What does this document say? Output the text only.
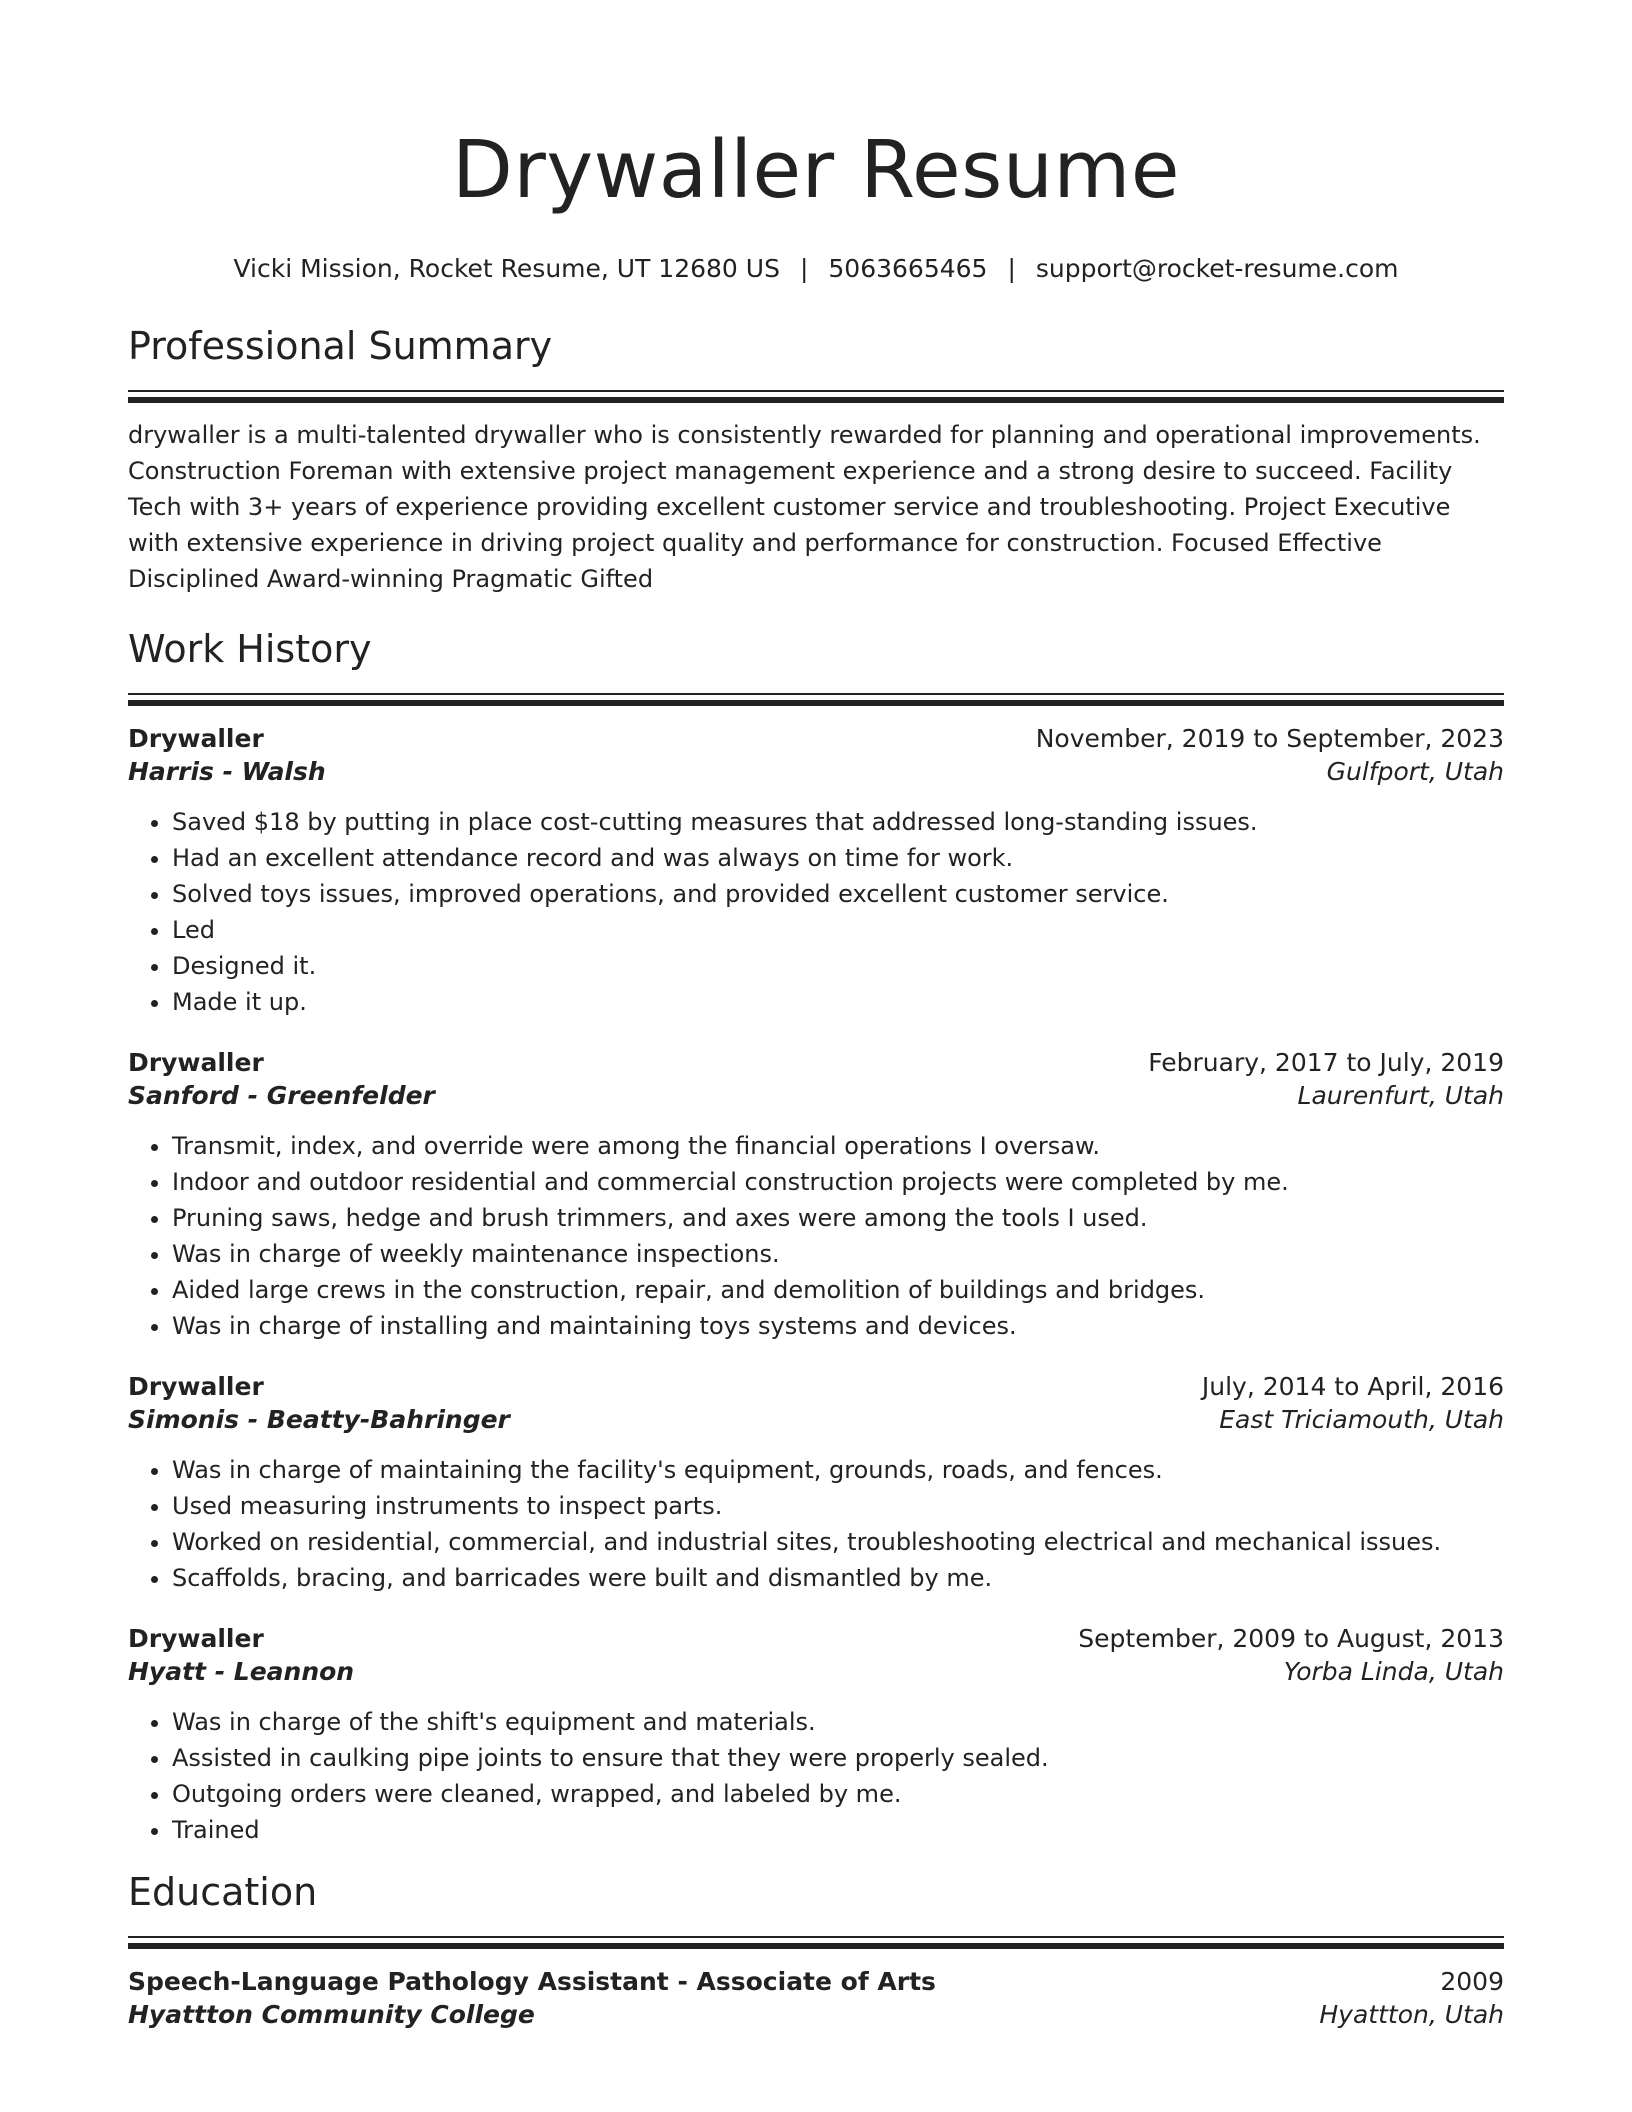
Drywaller Resume
Vicki Mission, Rocket Resume, UT 12680 US | 5063665465 | support@rocket-resume.com
Professional Summary

drywaller is a multi-talented drywaller who is consistently rewarded for planning and operational improvements. Construction Foreman with extensive project management experience and a strong desire to succeed. Facility Tech with 3+ years of experience providing excellent customer service and troubleshooting. Project Executive with extensive experience in driving project quality and performance for construction. Focused Effective Disciplined Award-winning Pragmatic Gifted

Work History
Drywaller	November, 2019 to September, 2023
Harris - Walsh	Gulfport, Utah
• Saved $18 by putting in place cost-cutting measures that addressed long-standing issues.
• Had an excellent attendance record and was always on time for work.
• Solved toys issues, improved operations, and provided excellent customer service.
• Led
• Designed it.
• Made it up.
Drywaller	February, 2017 to July, 2019
Sanford - Greenfelder	Laurenfurt, Utah
• Transmit, index, and override were among the financial operations I oversaw.
• Indoor and outdoor residential and commercial construction projects were completed by me.
• Pruning saws, hedge and brush trimmers, and axes were among the tools I used.
• Was in charge of weekly maintenance inspections.
• Aided large crews in the construction, repair, and demolition of buildings and bridges.
• Was in charge of installing and maintaining toys systems and devices.
Drywaller	July, 2014 to April, 2016
Simonis - Beatty-Bahringer	East Triciamouth, Utah
• Was in charge of maintaining the facility's equipment, grounds, roads, and fences.
• Used measuring instruments to inspect parts.
• Worked on residential, commercial, and industrial sites, troubleshooting electrical and mechanical issues.
• Scaffolds, bracing, and barricades were built and dismantled by me.
Drywaller	September, 2009 to August, 2013
Hyatt - Leannon	Yorba Linda, Utah
• Was in charge of the shift's equipment and materials.
• Assisted in caulking pipe joints to ensure that they were properly sealed.
• Outgoing orders were cleaned, wrapped, and labeled by me.
• Trained
Education
Speech-Language Pathology Assistant - Associate of Arts	2009
Hyattton Community College	Hyattton, Utah
